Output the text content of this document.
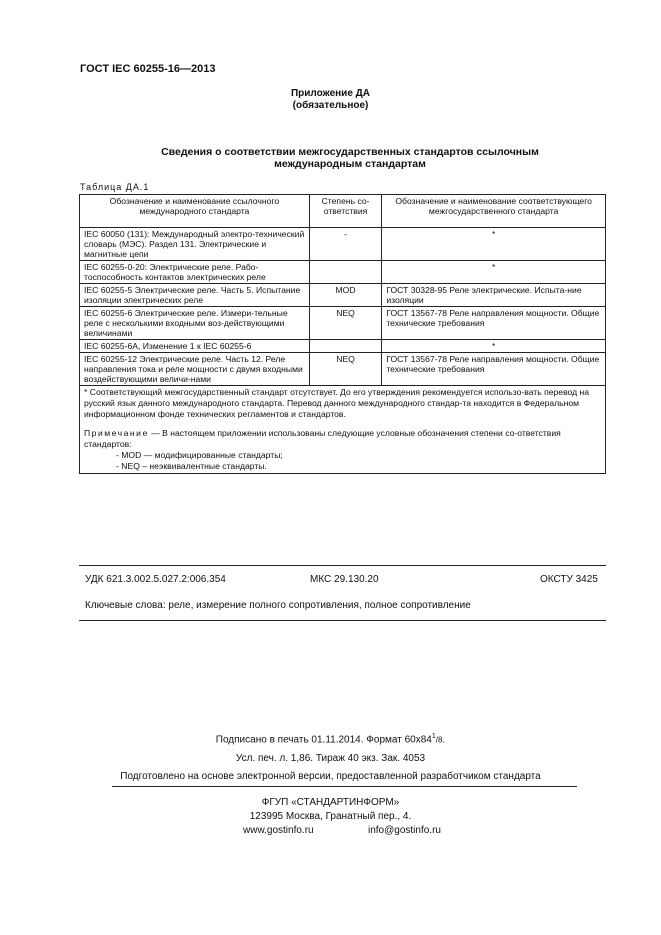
ГОСТ IEC 60255-16—2013
Приложение ДА
(обязательное)
Сведения о соответствии межгосударственных стандартов ссылочным
международным стандартам
Таблица ДА.1
Обозначение и наименование ссылочного международного стандарта	Степень со-ответствия	Обозначение и наименование соответствующего межгосударственного стандарта
IEC 60050 (131): Международный электро-технический словарь (МЭС). Раздел 131. Электрические и магнитные цепи	-	*
IEC 60255-0-20: Электрические реле. Рабо-тоспособность контактов электрических реле		*
IEC 60255-5 Электрические реле. Часть 5. Испытание изоляции электрических реле	MOD	ГОСТ 30328-95 Реле электрические. Испыта-ние изоляции
IEC 60255-6 Электрические реле. Измери-тельные реле с несколькими входными воз-действующими величинами	NEQ	ГОСТ 13567-78 Реле направления мощности. Общие технические требования
IEC 60255-6A, Изменение 1 к IEC 60255-6		*
IEC 60255-12 Электрические реле. Часть 12. Реле направления тока и реле мощности с двумя входными воздействующими величи-нами	NEQ	ГОСТ 13567-78 Реле направления мощности. Общие технические требования

* Соответствующий межгосударственный стандарт отсутствует. До его утверждения рекомендуется использо-вать перевод на русский язык данного международного стандарта. Перевод данного международного стандар-та находится в Федеральном информационном фонде технических регламентов и стандартов.

Примечание — В настоящем приложении использованы следующие условные обозначения степени со-ответствия стандартов:

- MOD — модифицированные стандарты;

- NEQ – неэквивалентные стандарты.		

УДК 621.3.002.5.027.2:006.354	МКС 29.130.20	ОКСТУ 3425
Ключевые слова: реле, измерение полного сопротивления, полное сопротивление
Подписано в печать 01.11.2014. Формат $60x84^1/8$.
Усл. печ. л. 1,86. Тираж 40 экз. Зак. 4053
Подготовлено на основе электронной версии, предоставленной разработчиком стандарта
ФГУП «СТАНДАРТИНФОРМ»
123995 Москва, Гранатный пер., 4.
www.gostinfo.ru	info@gostinfo.ru
